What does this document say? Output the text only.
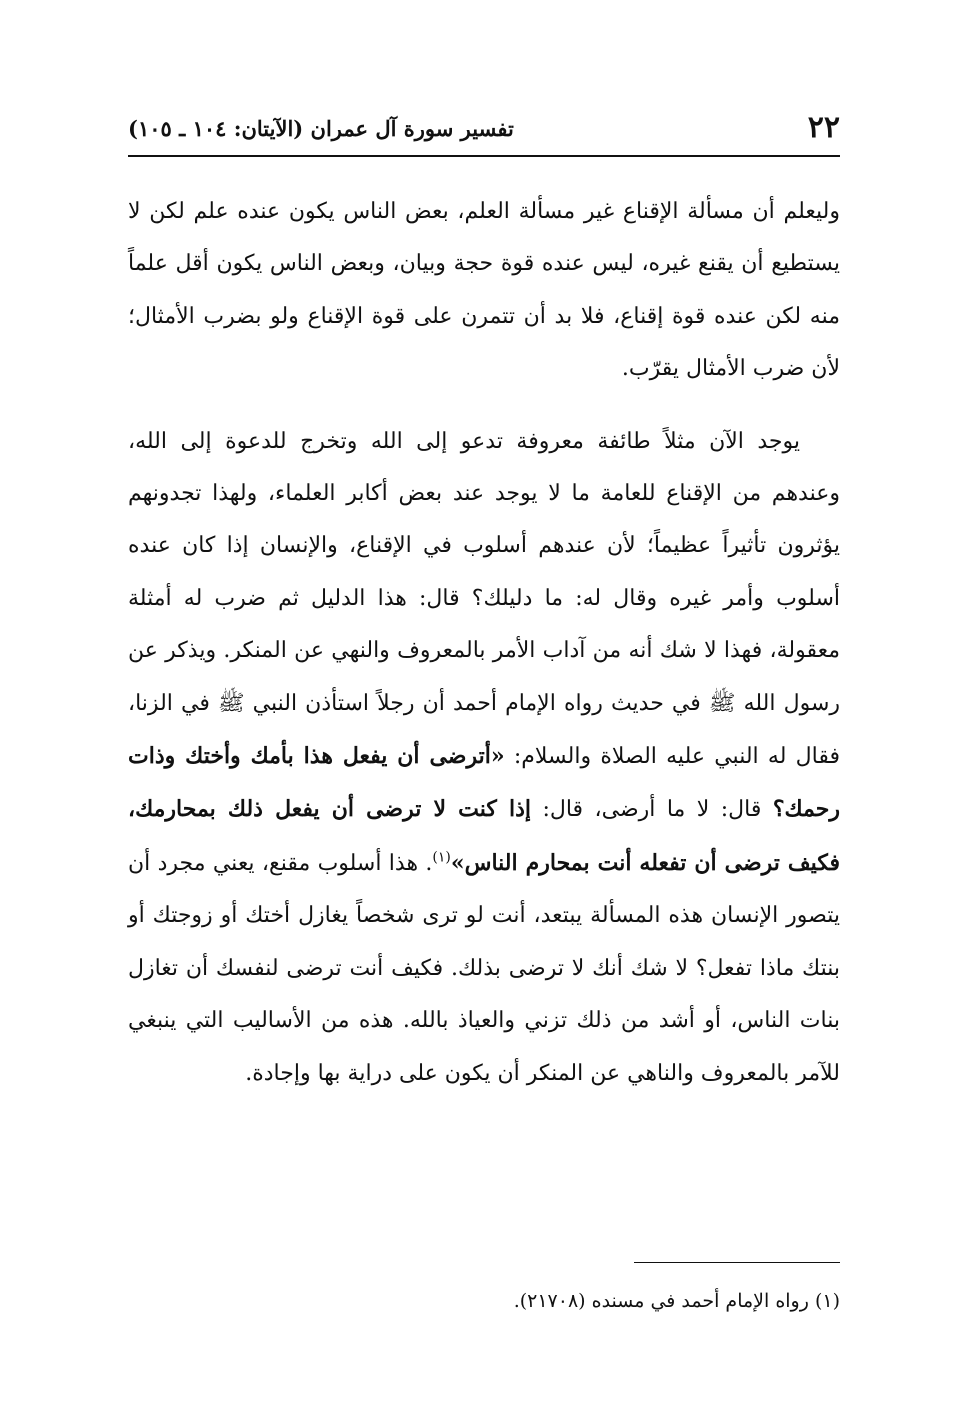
٢٢
تفسير سورة آل عمران (الآيتان: ١٠٤ ـ ١٠٥)

وليعلم أن مسألة الإقناع غير مسألة العلم، بعض الناس يكون عنده علم لكن لا يستطيع أن يقنع غيره، ليس عنده قوة حجة وبيان، وبعض الناس يكون أقل علماً منه لكن عنده قوة إقناع، فلا بد أن تتمرن على قوة الإقناع ولو بضرب الأمثال؛ لأن ضرب الأمثال يقرّب.

يوجد الآن مثلاً طائفة معروفة تدعو إلى الله وتخرج للدعوة إلى الله، وعندهم من الإقناع للعامة ما لا يوجد عند بعض أكابر العلماء، ولهذا تجدونهم يؤثرون تأثيراً عظيماً؛ لأن عندهم أسلوب في الإقناع، والإنسان إذا كان عنده أسلوب وأمر غيره وقال له: ما دليلك؟ قال: هذا الدليل ثم ضرب له أمثلة معقولة، فهذا لا شك أنه من آداب الأمر بالمعروف والنهي عن المنكر. ويذكر عن رسول الله ﷺ في حديث رواه الإمام أحمد أن رجلاً استأذن النبي ﷺ في الزنا، فقال له النبي عليه الصلاة والسلام: «أترضى أن يفعل هذا بأمك وأختك وذات رحمك؟ قال: لا ما أرضى، قال: إذا كنت لا ترضى أن يفعل ذلك بمحارمك، فكيف ترضى أن تفعله أنت بمحارم الناس»$^{(١)}$. هذا أسلوب مقنع، يعني مجرد أن يتصور الإنسان هذه المسألة يبتعد، أنت لو ترى شخصاً يغازل أختك أو زوجتك أو بنتك ماذا تفعل؟ لا شك أنك لا ترضى بذلك. فكيف أنت ترضى لنفسك أن تغازل بنات الناس، أو أشد من ذلك تزني والعياذ بالله. هذه من الأساليب التي ينبغي للآمر بالمعروف والناهي عن المنكر أن يكون على دراية بها وإجادة.

(١) رواه الإمام أحمد في مسنده (٢١٧٠٨).
